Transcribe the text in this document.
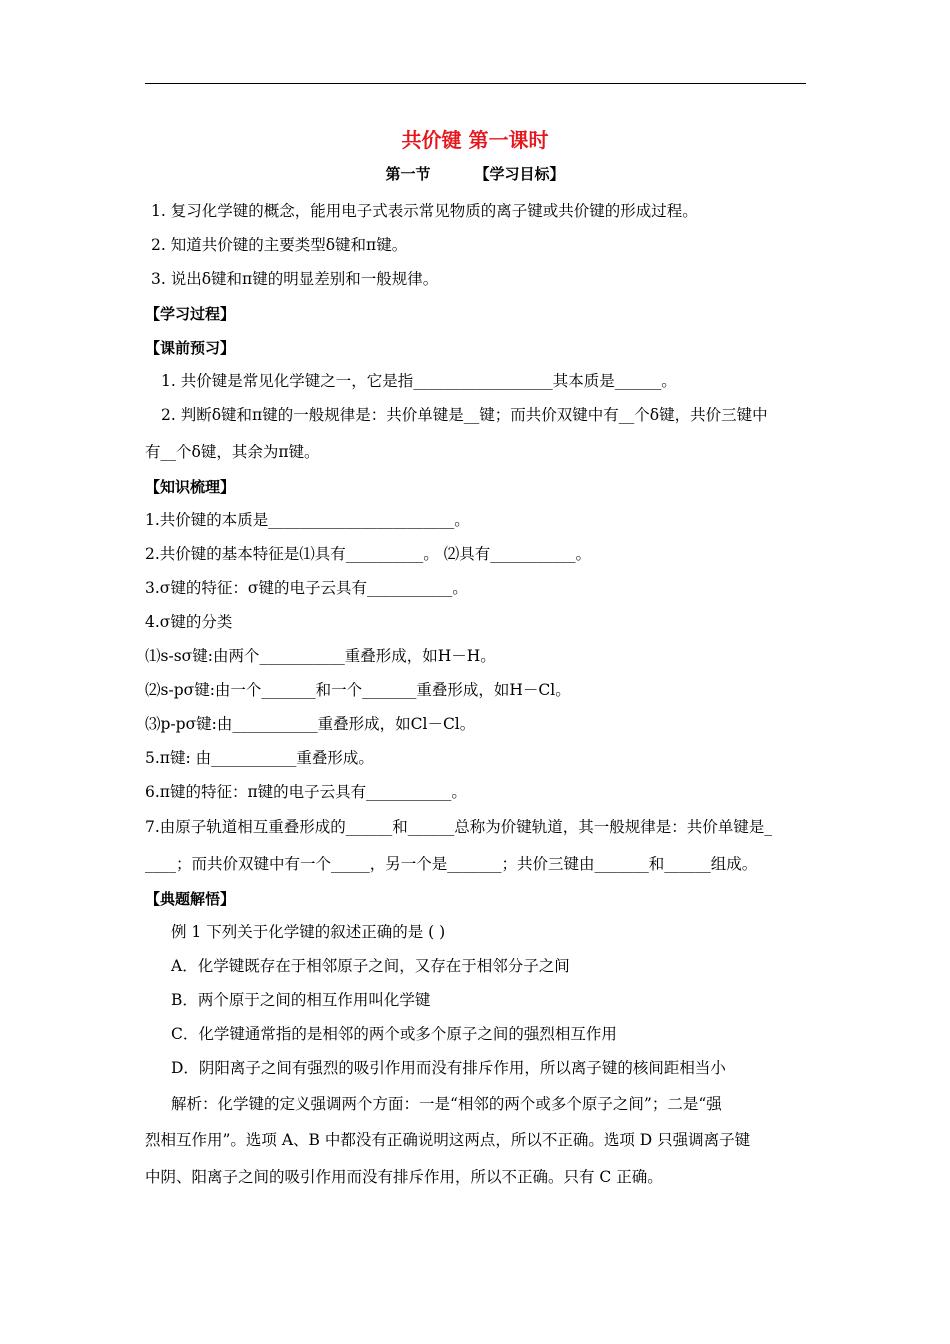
共价键 第一课时
第一节	【学习目标】
1. 复习化学键的概念，能用电子式表示常见物质的离子键或共价键的形成过程。
2. 知道共价键的主要类型δ键和π键。
3. 说出δ键和π键的明显差别和一般规律。
【学习过程】
【课前预习】
1. 共价键是常见化学键之一，它是指__________________其本质是______。
2. 判断δ键和π键的一般规律是：共价单键是__键；而共价双键中有__个δ键，共价三键中
有__个δ键，其余为π键。
【知识梳理】
1.共价键的本质是________________________。
2.共价键的基本特征是⑴具有__________。 ⑵具有___________。
3.σ键的特征：σ键的电子云具有___________。
4.σ键的分类
⑴s-sσ键:由两个___________重叠形成，如H－H。
⑵s-pσ键:由一个_______和一个_______重叠形成，如H－Cl。
⑶p-pσ键:由___________重叠形成，如Cl－Cl。
5.π键: 由___________重叠形成。
6.π键的特征：π键的电子云具有___________。
7.由原子轨道相互重叠形成的______和______总称为价键轨道，其一般规律是：共价单键是_
____；而共价双键中有一个_____，另一个是_______；共价三键由_______和______组成。
【典题解悟】
例 1 下列关于化学键的叙述正确的是 ( )
A．化学键既存在于相邻原子之间，又存在于相邻分子之间
B．两个原于之间的相互作用叫化学键
C．化学键通常指的是相邻的两个或多个原子之间的强烈相互作用
D．阴阳离子之间有强烈的吸引作用而没有排斥作用，所以离子键的核间距相当小
解析：化学键的定义强调两个方面：一是“相邻的两个或多个原子之间”；二是“强
烈相互作用”。选项 A、B 中都没有正确说明这两点，所以不正确。选项 D 只强调离子键
中阴、阳离子之间的吸引作用而没有排斥作用，所以不正确。只有 C 正确。
